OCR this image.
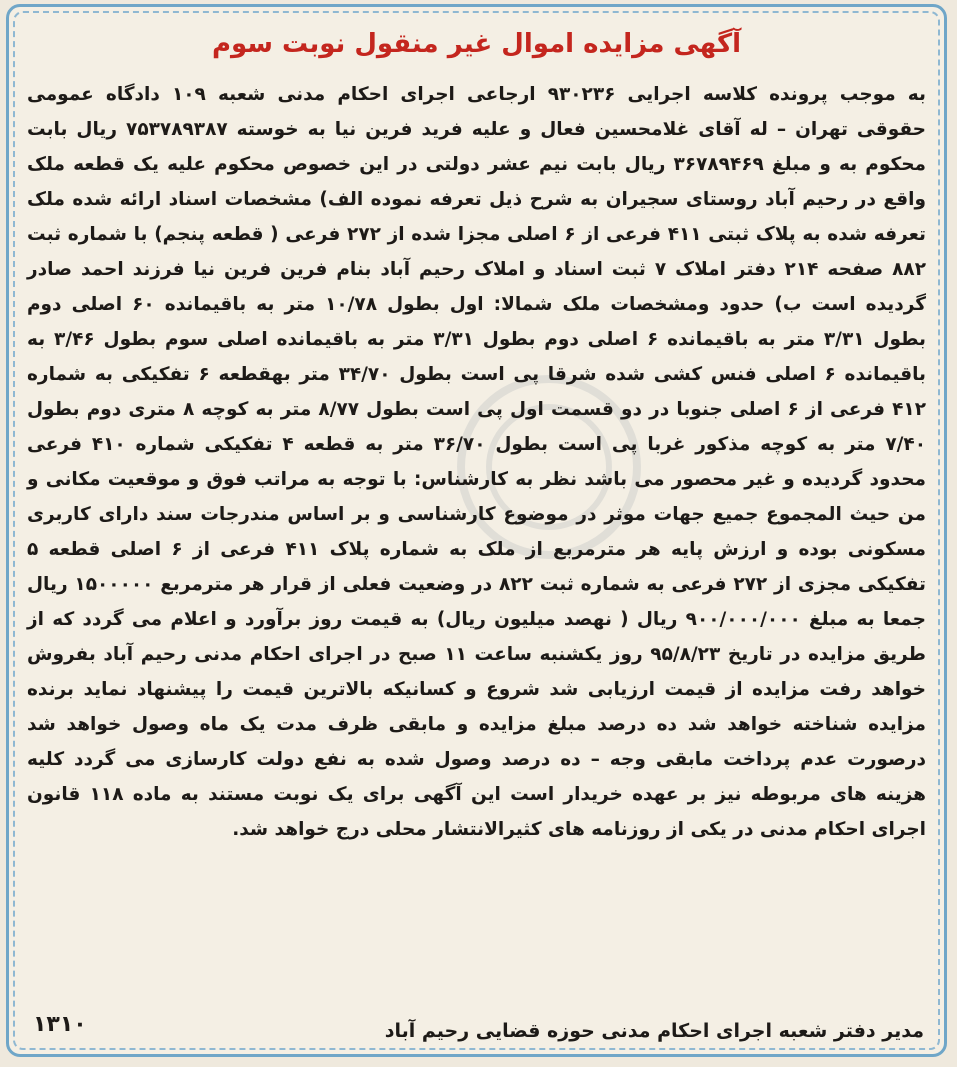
آگهی مزایده اموال غیر منقول نوبت سوم
به موجب پرونده کلاسه اجرایی ۹۳۰۲۳۶ ارجاعی اجرای احکام مدنی شعبه ۱۰۹ دادگاه عمومی حقوقی تهران – له آقای غلامحسین فعال و علیه فرید فرین نیا به خوسته ۷۵۳۷۸۹۳۸۷ ریال بابت محکوم به و مبلغ ۳۶۷۸۹۴۶۹ ریال بابت نیم عشر دولتی در این خصوص محکوم علیه یک قطعه ملک واقع در رحیم آباد روستای سجیران به شرح ذیل تعرفه نموده الف) مشخصات اسناد ارائه شده ملک تعرفه شده به پلاک ثبتی ۴۱۱ فرعی از ۶ اصلی مجزا شده از ۲۷۲ فرعی ( قطعه پنجم) با شماره ثبت ۸۸۲ صفحه ۲۱۴ دفتر املاک ۷ ثبت اسناد و املاک رحیم آباد بنام فرین فرین نیا فرزند احمد صادر گردیده است ب) حدود ومشخصات ملک شمالا: اول بطول ۱۰/۷۸ متر به باقیمانده ۶۰ اصلی دوم بطول ۳/۳۱ متر به باقیمانده ۶ اصلی دوم بطول ۳/۳۱ متر به باقیمانده اصلی سوم بطول ۳/۴۶ به باقیمانده ۶ اصلی فنس کشی شده شرقا پی است بطول ۳۴/۷۰ متر بهقطعه ۶ تفکیکی به شماره ۴۱۲ فرعی از ۶ اصلی جنوبا در دو قسمت اول پی است بطول ۸/۷۷ متر به کوچه ۸ متری دوم بطول ۷/۴۰ متر به کوچه مذکور غربا پی است بطول ۳۶/۷۰ متر به قطعه ۴ تفکیکی شماره ۴۱۰ فرعی محدود گردیده و غیر محصور می باشد نظر به کارشناس: با توجه به مراتب فوق و موقعیت مکانی و من حیث المجموع جمیع جهات موثر در موضوع کارشناسی و بر اساس مندرجات سند دارای کاربری مسکونی بوده و ارزش پایه هر مترمربع از ملک به شماره پلاک ۴۱۱ فرعی از ۶ اصلی قطعه ۵ تفکیکی مجزی از ۲۷۲ فرعی به شماره ثبت ۸۲۲ در وضعیت فعلی از قرار هر مترمربع ۱۵۰۰۰۰۰ ریال جمعا به مبلغ ۹۰۰/۰۰۰/۰۰۰ ریال ( نهصد میلیون ریال) به قیمت روز برآورد و اعلام می گردد که از طریق مزایده در تاریخ ۹۵/۸/۲۳ روز یکشنبه ساعت ۱۱ صبح در اجرای احکام مدنی رحیم آباد بفروش خواهد رفت مزایده از قیمت ارزیابی شد شروع و کسانیکه بالاترین قیمت را پیشنهاد نماید برنده مزایده شناخته خواهد شد ده درصد مبلغ مزایده و مابقی ظرف مدت یک ماه وصول خواهد شد درصورت عدم پرداخت مابقی وجه – ده درصد وصول شده به نفع دولت کارسازی می گردد کلیه هزینه های مربوطه نیز بر عهده خریدار است این آگهی برای یک نوبت مستند به ماده ۱۱۸ قانون اجرای احکام مدنی در یکی از روزنامه های کثیرالانتشار محلی درج خواهد شد.
مدیر دفتر شعبه اجرای احکام مدنی حوزه قضایی رحیم آباد
۱۳۱۰
